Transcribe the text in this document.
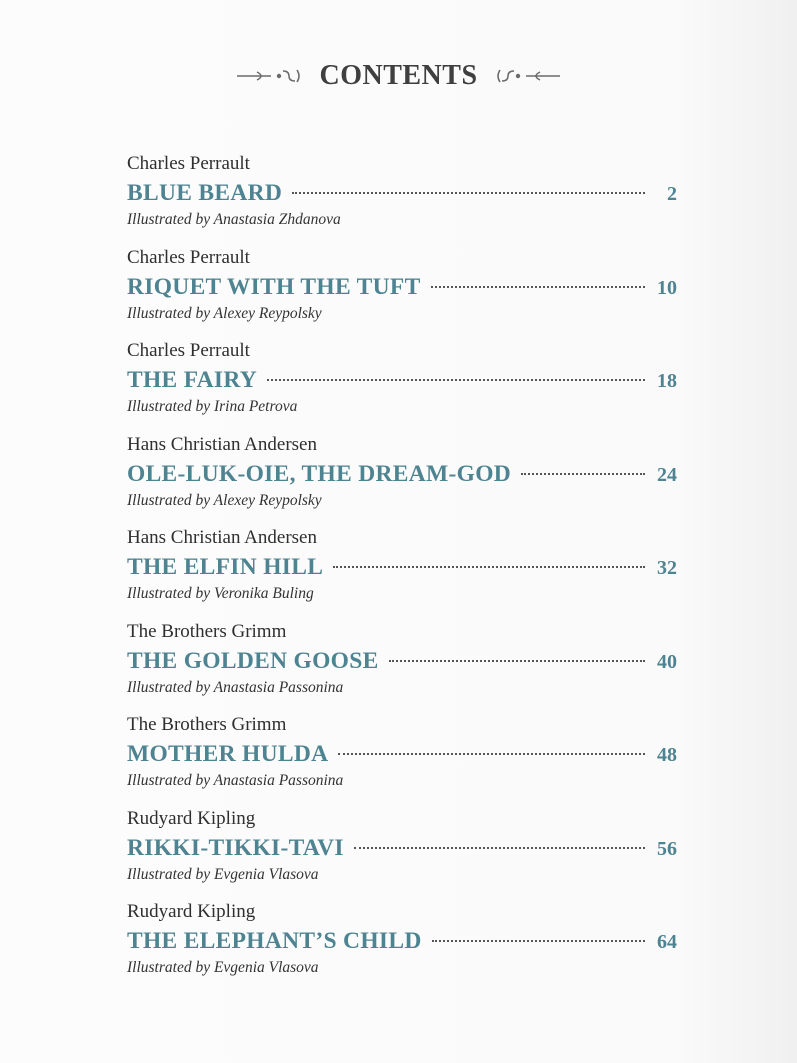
CONTENTS
Charles Perrault
BLUE BEARD	2
Illustrated by Anastasia Zhdanova
Charles Perrault
RIQUET WITH THE TUFT	10
Illustrated by Alexey Reypolsky
Charles Perrault
THE FAIRY	18
Illustrated by Irina Petrova
Hans Christian Andersen
OLE-LUK-OIE, THE DREAM-GOD	24
Illustrated by Alexey Reypolsky
Hans Christian Andersen
THE ELFIN HILL	32
Illustrated by Veronika Buling
The Brothers Grimm
THE GOLDEN GOOSE	40
Illustrated by Anastasia Passonina
The Brothers Grimm
MOTHER HULDA	48
Illustrated by Anastasia Passonina
Rudyard Kipling
RIKKI-TIKKI-TAVI	56
Illustrated by Evgenia Vlasova
Rudyard Kipling
THE ELEPHANT’S CHILD	64
Illustrated by Evgenia Vlasova
